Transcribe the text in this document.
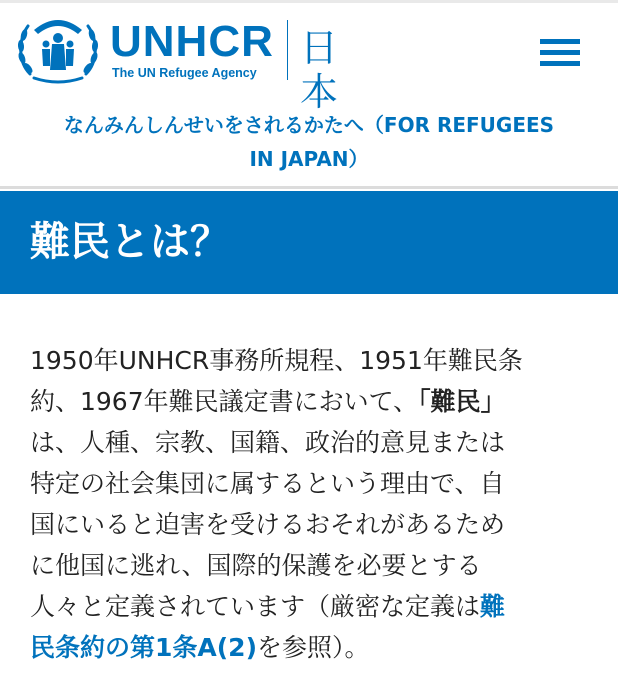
UNHCR
The UN Refugee Agency
日本
なんみんしんせいをされるかたへ（FOR REFUGEES IN JAPAN）
難民とは？
1950年UNHCR事務所規程、1951年難民条
約、1967年難民議定書において、「難民」
は、人種、宗教、国籍、政治的意見または
特定の社会集団に属するという理由で、自
国にいると迫害を受けるおそれがあるため
に他国に逃れ、国際的保護を必要とする
人々と定義されています（厳密な定義は難
民条約の第1条A(2)を参照）。
